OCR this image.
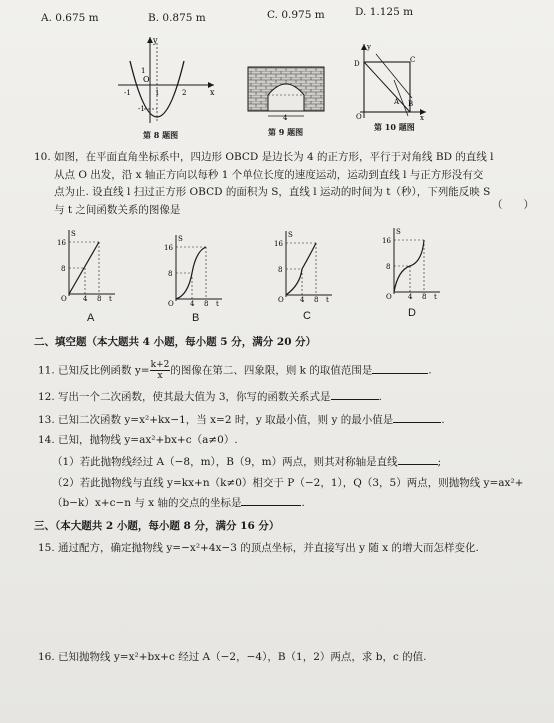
A. 0.675 m	B. 0.875 m	C. 0.975 m	D. 1.125 m
y
O
x
-1	1	2
1
-1
第 8 题图
4
第 9 题图
y
C
D
O
A B
x
第 10 题图
10. 如图，在平面直角坐标系中，四边形 OBCD 是边长为 4 的正方形，平行于对角线 BD 的直线 l
从点 O 出发，沿 x 轴正方向以每秒 1 个单位长度的速度运动，运动到直线 l 与正方形没有交
点为止. 设直线 l 扫过正方形 OBCD 的面积为 S，直线 l 运动的时间为 t（秒），下列能反映 S
与 t 之间函数关系的图像是	（　　）
S
16
8
O 4 8 t
A
S
16
8
O 4 8 t
B
S
16
8
O 4 8 t
C
S
16
8
O 4 8 t
D
二、填空题（本大题共 4 小题，每小题 5 分，满分 20 分）
11. 已知反比例函数 $y= \frac{k+2}{x}$ 的图像在第二、四象限，则 k 的取值范围是	.
12. 写出一个二次函数，使其最大值为 3，你写的函数关系式是	.
13. 已知二次函数 y=x²+kx−1，当 x=2 时，y 取最小值，则 y 的最小值是	.
14. 已知，抛物线 y=ax²+bx+c（a≠0）.
（1）若此抛物线经过 A（−8，m），B（9，m）两点，则其对称轴是直线	;
（2）若此抛物线与直线 y=kx+n（k≠0）相交于 P（−2，1），Q（3，5）两点，则抛物线 y=ax²+
（b−k）x+c−n 与 x 轴的交点的坐标是	.
三、（本大题共 2 小题，每小题 8 分，满分 16 分）
15. 通过配方，确定抛物线 y=−x²+4x−3 的顶点坐标，并直接写出 y 随 x 的增大而怎样变化.
16. 已知抛物线 y=x²+bx+c 经过 A（−2，−4），B（1，2）两点，求 b，c 的值.
